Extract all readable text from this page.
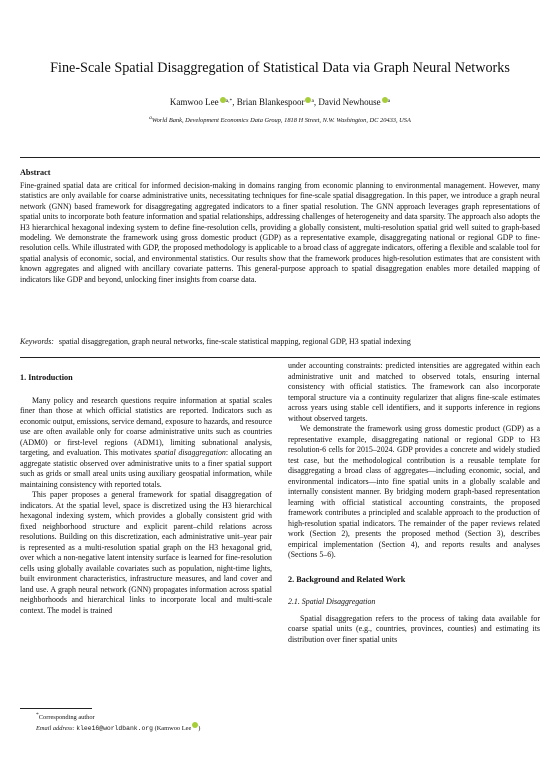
Fine-Scale Spatial Disaggregation of Statistical Data via Graph Neural Networks
Kamwoo Lee $^{a,*}$, Brian Blankespoor $^a$, David Newhouse $^a$
aWorld Bank, Development Economics Data Group, 1818 H Street, N.W. Washington, DC 20433, USA
Abstract
Fine-grained spatial data are critical for informed decision-making in domains ranging from economic planning to environmental management. However, many statistics are only available for coarse administrative units, necessitating techniques for fine-scale spatial disaggregation. In this paper, we introduce a graph neural network (GNN) based framework for disaggregating aggregated indicators to a finer spatial resolution. The GNN approach leverages graph representations of spatial units to incorporate both feature information and spatial relationships, addressing challenges of heterogeneity and data sparsity. The approach also adopts the H3 hierarchical hexagonal indexing system to define fine-resolution cells, providing a globally consistent, multi-resolution spatial grid well suited to graph-based modeling. We demonstrate the framework using gross domestic product (GDP) as a representative example, disaggregating national or regional GDP to fine-resolution cells. While illustrated with GDP, the proposed methodology is applicable to a broad class of aggregate indicators, offering a flexible and scalable tool for spatial analysis of economic, social, and environmental statistics. Our results show that the framework produces high-resolution estimates that are consistent with known aggregates and aligned with ancillary covariate patterns. This general-purpose approach to spatial disaggregation enables more detailed mapping of indicators like GDP and beyond, unlocking finer insights from coarse data.
Keywords: spatial disaggregation, graph neural networks, fine-scale statistical mapping, regional GDP, H3 spatial indexing
1. Introduction

Many policy and research questions require information at spatial scales finer than those at which official statistics are reported. Indicators such as economic output, emissions, service demand, exposure to hazards, and resource use are often available only for coarse administrative units such as countries (ADM0) or first-level regions (ADM1), limiting subnational analysis, targeting, and evaluation. This motivates spatial disaggregation: allocating an aggregate statistic observed over administrative units to a finer spatial support such as grids or small areal units using auxiliary geospatial information, while maintaining consistency with reported totals.

This paper proposes a general framework for spatial disaggregation of indicators. At the spatial level, space is discretized using the H3 hierarchical hexagonal indexing system, which provides a globally consistent grid with fixed neighborhood structure and explicit parent–child relations across resolutions. Building on this discretization, each administrative unit–year pair is represented as a multi-resolution spatial graph on the H3 hexagonal grid, over which a non-negative latent intensity surface is learned for fine-resolution cells using globally available covariates such as population, night-time lights, built environment characteristics, infrastructure measures, and land cover and land use. A graph neural network (GNN) propagates information across spatial neighborhoods and hierarchical links to incorporate local and multi-scale context. The model is trained

under accounting constraints: predicted intensities are aggregated within each administrative unit and matched to observed totals, ensuring internal consistency with official statistics. The framework can also incorporate temporal structure via a continuity regularizer that aligns fine-scale estimates across years using stable cell identifiers, and it supports inference in regions without observed targets.

We demonstrate the framework using gross domestic product (GDP) as a representative example, disaggregating national or regional GDP to H3 resolution-6 cells for 2015–2024. GDP provides a concrete and widely studied test case, but the methodological contribution is a reusable template for disaggregating a broad class of aggregates—including economic, social, and environmental indicators—into fine spatial units in a globally scalable and internally consistent manner. By bridging modern graph-based representation learning with official statistical accounting constraints, the proposed framework contributes a principled and scalable approach to the production of high-resolution spatial indicators. The remainder of the paper reviews related work (Section 2), presents the proposed method (Section 3), describes empirical implementation (Section 4), and reports results and analyses (Sections 5–6).

2. Background and Related Work
2.1. Spatial Disaggregation

Spatial disaggregation refers to the process of taking data available for coarse spatial units (e.g., countries, provinces, counties) and estimating its distribution over finer spatial units

*Corresponding author
Email address: klee16@worldbank.org (Kamwoo Lee )
